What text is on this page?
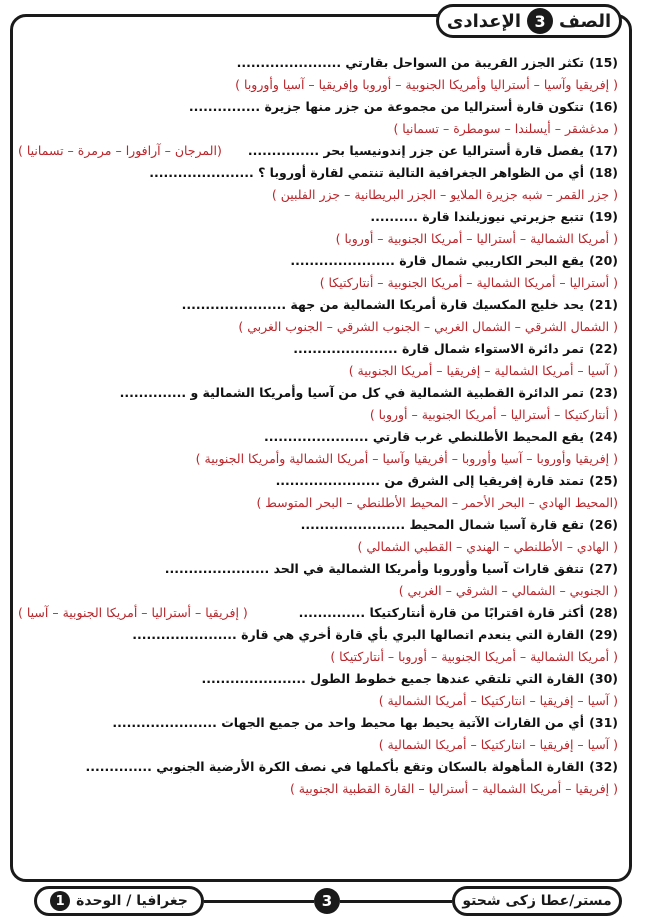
الصف
3
الإعدادى
(15)
تكثر الجزر القريبة من السواحل بقارتي ......................
( إفريقيا وآسيا – أستراليا وأمريكا الجنوبية – أوروبا وإفريقيا – آسيا وأوروبا )
(16)
تتكون قارة أستراليا من مجموعة من جزر منها جزيرة ...............
( مدغشقر – أيسلندا – سومطرة – تسمانيا )
(17)
يفصل قارة أستراليا عن جزر إندونيسيا بحر ...............
(المرجان – آرافورا – مرمرة – تسمانيا )
(18)
أي من الظواهر الجغرافية التالية تنتمي لقارة أوروبا ؟ ......................
( جزر القمر – شبه جزيرة الملايو – الجزر البريطانية – جزر الفلبين )
(19)
تتبع جزيرتي نيوزيلندا قارة ..........
( أمريكا الشمالية – أستراليا – أمريكا الجنوبية – أوروبا )
(20)
يقع البحر الكاريبي شمال قارة ......................
( أستراليا – أمريكا الشمالية – أمريكا الجنوبية – أنتاركتيكا )
(21)
يحد خليج المكسيك قارة أمريكا الشمالية من جهة ......................
( الشمال الشرقي – الشمال الغربي – الجنوب الشرقي – الجنوب الغربي )
(22)
تمر دائرة الاستواء شمال قارة ......................
( آسيا – أمريكا الشمالية – إفريقيا – أمريكا الجنوبية )
(23)
تمر الدائرة القطبية الشمالية في كل من آسيا وأمريكا الشمالية و ..............
( أنتاركتيكا – أستراليا – أمريكا الجنوبية – أوروبا )
(24)
يقع المحيط الأطلنطي غرب قارتي ......................
( إفريقيا وأوروبا – آسيا وأوروبا – أفريقيا وآسيا – أمريكا الشمالية وأمريكا الجنوبية )
(25)
تمتد قارة إفريقيا إلى الشرق من ......................
(المحيط الهادي – البحر الأحمر – المحيط الأطلنطي – البحر المتوسط )
(26)
تقع قارة آسيا شمال المحيط ......................
( الهادي – الأطلنطي – الهندي – القطبي الشمالي )
(27)
تتفق قارات آسيا وأوروبا وأمريكا الشمالية في الحد ......................
( الجنوبي – الشمالي – الشرقي – الغربي )
(28)
أكثر قارة اقترابًا من قارة أنتاركتيكا ..............
( إفريقيا – أستراليا – أمريكا الجنوبية – آسيا )
(29)
القارة التي ينعدم اتصالها البري بأي قارة أخري هي قارة ......................
( أمريكا الشمالية – أمريكا الجنوبية – أوروبا – أنتاركتيكا )
(30)
القارة التي تلتقي عندها جميع خطوط الطول ......................
( آسيا – إفريقيا – انتاركتيكا – أمريكا الشمالية )
(31)
أي من القارات الآتية يحيط بها محيط واحد من جميع الجهات ......................
( آسيا – إفريقيا – انتاركتيكا – أمريكا الشمالية )
(32)
القارة المأهولة بالسكان وتقع بأكملها في نصف الكرة الأرضية الجنوبي ..............
( إفريقيا – أمريكا الشمالية – أستراليا – القارة القطبية الجنوبية )
مستر/عطا زكى شحتو
3
جغرافيا / الوحدة
1
